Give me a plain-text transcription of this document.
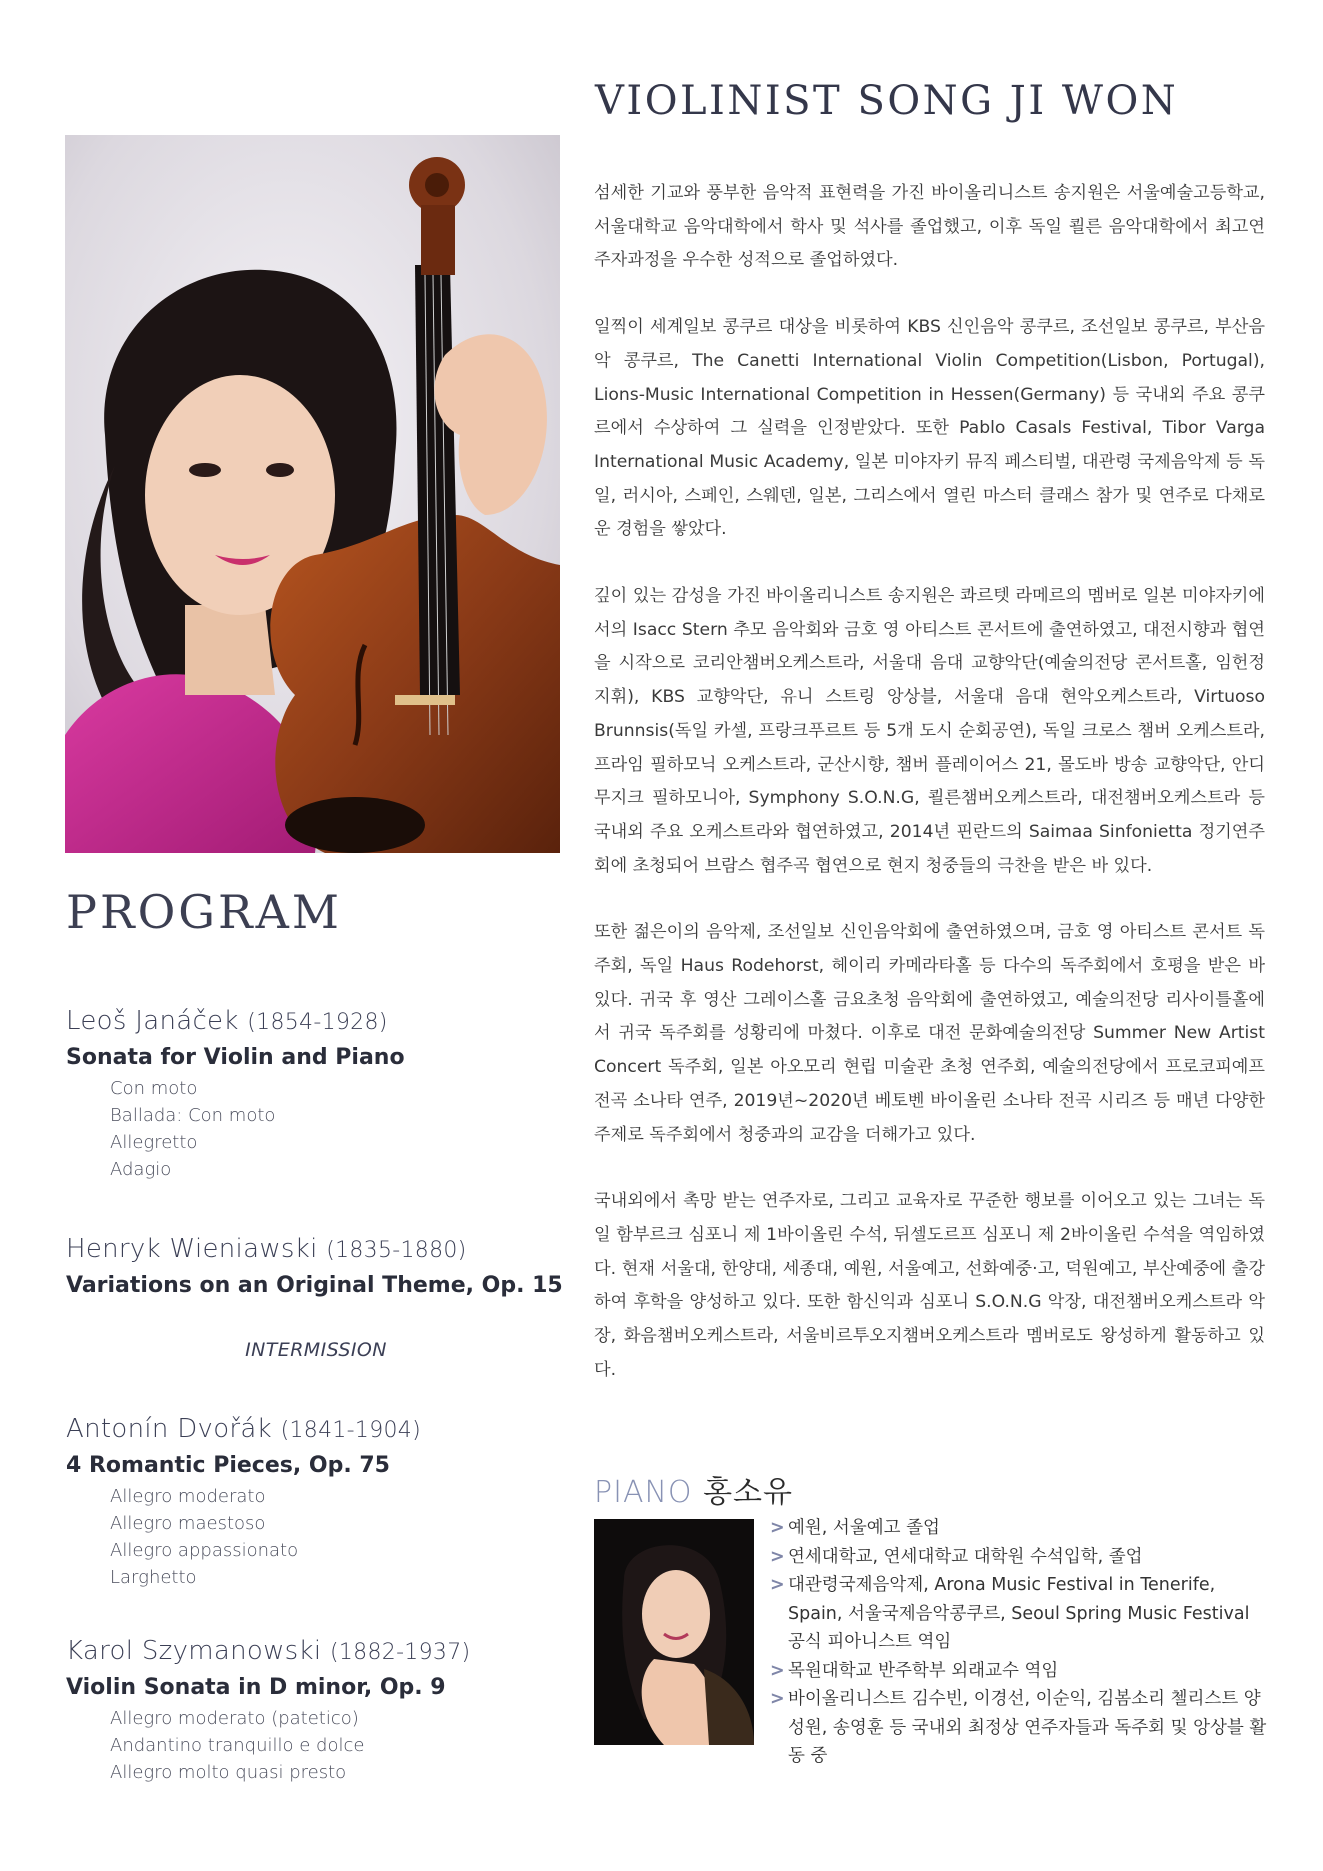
PROGRAM
Leoš Janáček (1854-1928)
Sonata for Violin and Piano
Con moto
Ballada: Con moto
Allegretto
Adagio
Henryk Wieniawski (1835-1880)
Variations on an Original Theme, Op. 15
INTERMISSION
Antonín Dvořák (1841-1904)
4 Romantic Pieces, Op. 75
Allegro moderato
Allegro maestoso
Allegro appassionato
Larghetto
Karol Szymanowski (1882-1937)
Violin Sonata in D minor, Op. 9
Allegro moderato (patetico)
Andantino tranquillo e dolce
Allegro molto quasi presto
VIOLINIST SONG JI WON

섬세한 기교와 풍부한 음악적 표현력을 가진 바이올리니스트 송지원은 서울예술고등학교, 서울대학교 음악대학에서 학사 및 석사를 졸업했고, 이후 독일 쾰른 음악대학에서 최고연주자과정을 우수한 성적으로 졸업하였다.

일찍이 세계일보 콩쿠르 대상을 비롯하여 KBS 신인음악 콩쿠르, 조선일보 콩쿠르, 부산음악 콩쿠르, The Canetti International Violin Competition(Lisbon, Portugal), Lions-Music International Competition in Hessen(Germany) 등 국내외 주요 콩쿠르에서 수상하여 그 실력을 인정받았다. 또한 Pablo Casals Festival, Tibor Varga International Music Academy, 일본 미야자키 뮤직 페스티벌, 대관령 국제음악제 등 독일, 러시아, 스페인, 스웨덴, 일본, 그리스에서 열린 마스터 클래스 참가 및 연주로 다채로운 경험을 쌓았다.

깊이 있는 감성을 가진 바이올리니스트 송지원은 콰르텟 라메르의 멤버로 일본 미야자키에서의 Isacc Stern 추모 음악회와 금호 영 아티스트 콘서트에 출연하였고, 대전시향과 협연을 시작으로 코리안챔버오케스트라, 서울대 음대 교향악단(예술의전당 콘서트홀, 임헌정 지휘), KBS 교향악단, 유니 스트링 앙상블, 서울대 음대 현악오케스트라, Virtuoso Brunnsis(독일 카셀, 프랑크푸르트 등 5개 도시 순회공연), 독일 크로스 챔버 오케스트라, 프라임 필하모닉 오케스트라, 군산시향, 챔버 플레이어스 21, 몰도바 방송 교향악단, 안디무지크 필하모니아, Symphony S.O.N.G, 쾰른챔버오케스트라, 대전챔버오케스트라 등 국내외 주요 오케스트라와 협연하였고, 2014년 핀란드의 Saimaa Sinfonietta 정기연주회에 초청되어 브람스 협주곡 협연으로 현지 청중들의 극찬을 받은 바 있다.

또한 젊은이의 음악제, 조선일보 신인음악회에 출연하였으며, 금호 영 아티스트 콘서트 독주회, 독일 Haus Rodehorst, 헤이리 카메라타홀 등 다수의 독주회에서 호평을 받은 바 있다. 귀국 후 영산 그레이스홀 금요초청 음악회에 출연하였고, 예술의전당 리사이틀홀에서 귀국 독주회를 성황리에 마쳤다. 이후로 대전 문화예술의전당 Summer New Artist Concert 독주회, 일본 아오모리 현립 미술관 초청 연주회, 예술의전당에서 프로코피예프 전곡 소나타 연주, 2019년~2020년 베토벤 바이올린 소나타 전곡 시리즈 등 매년 다양한 주제로 독주회에서 청중과의 교감을 더해가고 있다.

국내외에서 촉망 받는 연주자로, 그리고 교육자로 꾸준한 행보를 이어오고 있는 그녀는 독일 함부르크 심포니 제 1바이올린 수석, 뒤셀도르프 심포니 제 2바이올린 수석을 역임하였다. 현재 서울대, 한양대, 세종대, 예원, 서울예고, 선화예중·고, 덕원예고, 부산예중에 출강하여 후학을 양성하고 있다. 또한 함신익과 심포니 S.O.N.G 악장, 대전챔버오케스트라 악장, 화음챔버오케스트라, 서울비르투오지챔버오케스트라 멤버로도 왕성하게 활동하고 있다.

PIANO 홍소유
> 예원, 서울예고 졸업
> 연세대학교, 연세대학교 대학원 수석입학, 졸업
> 대관령국제음악제, Arona Music Festival in Tenerife, Spain, 서울국제음악콩쿠르, Seoul Spring Music Festival 공식 피아니스트 역임
> 목원대학교 반주학부 외래교수 역임
> 바이올리니스트 김수빈, 이경선, 이순익, 김봄소리 첼리스트 양성원, 송영훈 등 국내외 최정상 연주자들과 독주회 및 앙상블 활동 중
